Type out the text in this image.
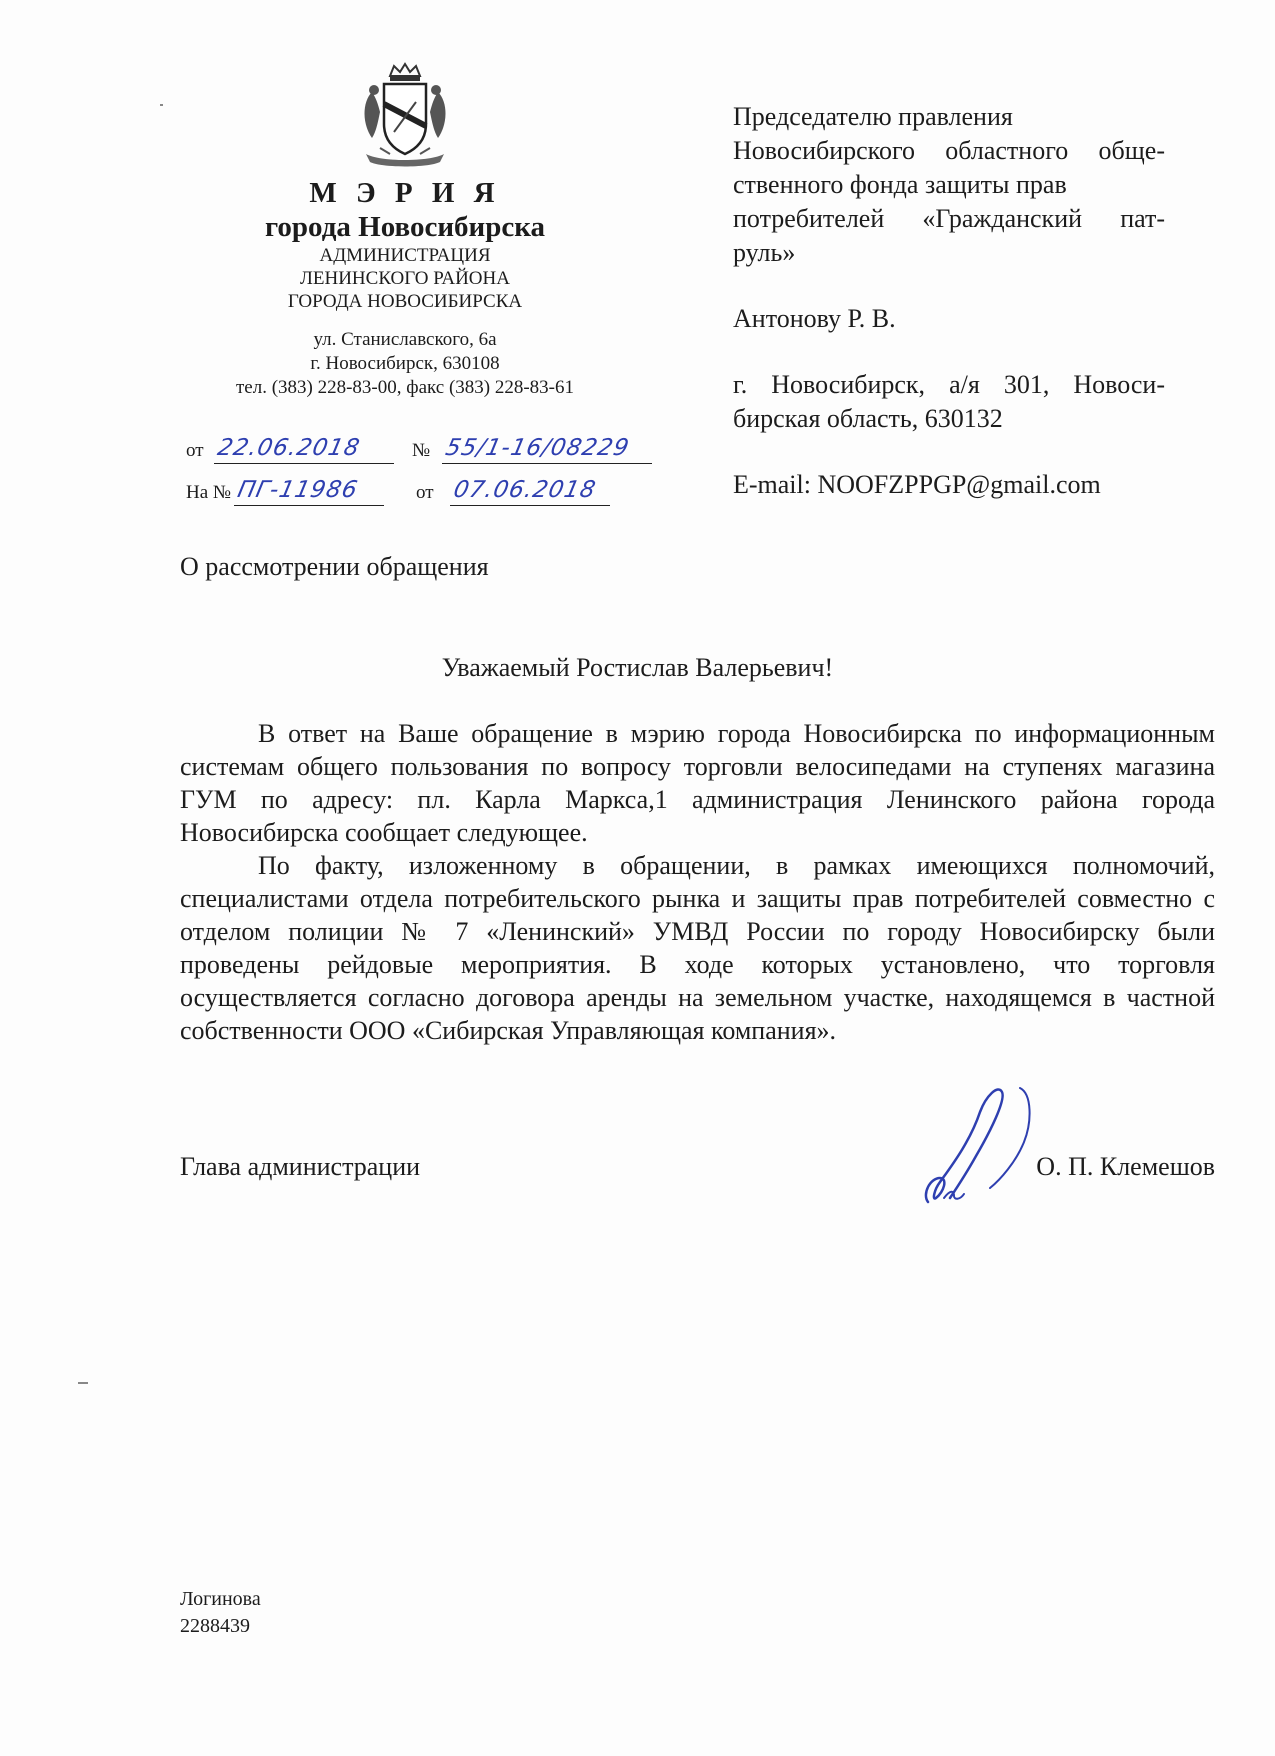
М Э Р И Я
города Новосибирска
АДМИНИСТРАЦИЯ
ЛЕНИНСКОГО РАЙОНА
ГОРОДА НОВОСИБИРСКА
ул. Станиславского, 6а
г. Новосибирск, 630108
тел. (383) 228-83-00, факс (383) 228-83-61
от 22.06.2018	№ 55/1-16/08229
На № ПГ-11986	от 07.06.2018

Председателю правления

Новосибирского областного обще-

ственного фонда защиты прав

потребителей «Гражданский пат-

руль»

Антонову Р. В.

г. Новосибирск, а/я 301, Новоси-

бирская область, 630132

E-mail: NOOFZPPGP@gmail.com

О рассмотрении обращения
Уважаемый Ростислав Валерьевич!

В ответ на Ваше обращение в мэрию города Новосибирска по информационным системам общего пользования по вопросу торговли велосипедами на ступенях магазина ГУМ по адресу: пл. Карла Маркса,1 администрация Ленинского района города Новосибирска сообщает следующее.

По факту, изложенному в обращении, в рамках имеющихся полномочий, специалистами отдела потребительского рынка и защиты прав потребителей совместно с отделом полиции № 7 «Ленинский» УМВД России по городу Новосибирску были проведены рейдовые мероприятия. В ходе которых установлено, что торговля осуществляется согласно договора аренды на земельном участке, находящемся в частной собственности ООО «Сибирская Управляющая компания».

Глава администрации	О. П. Клемешов
Логинова
2288439
